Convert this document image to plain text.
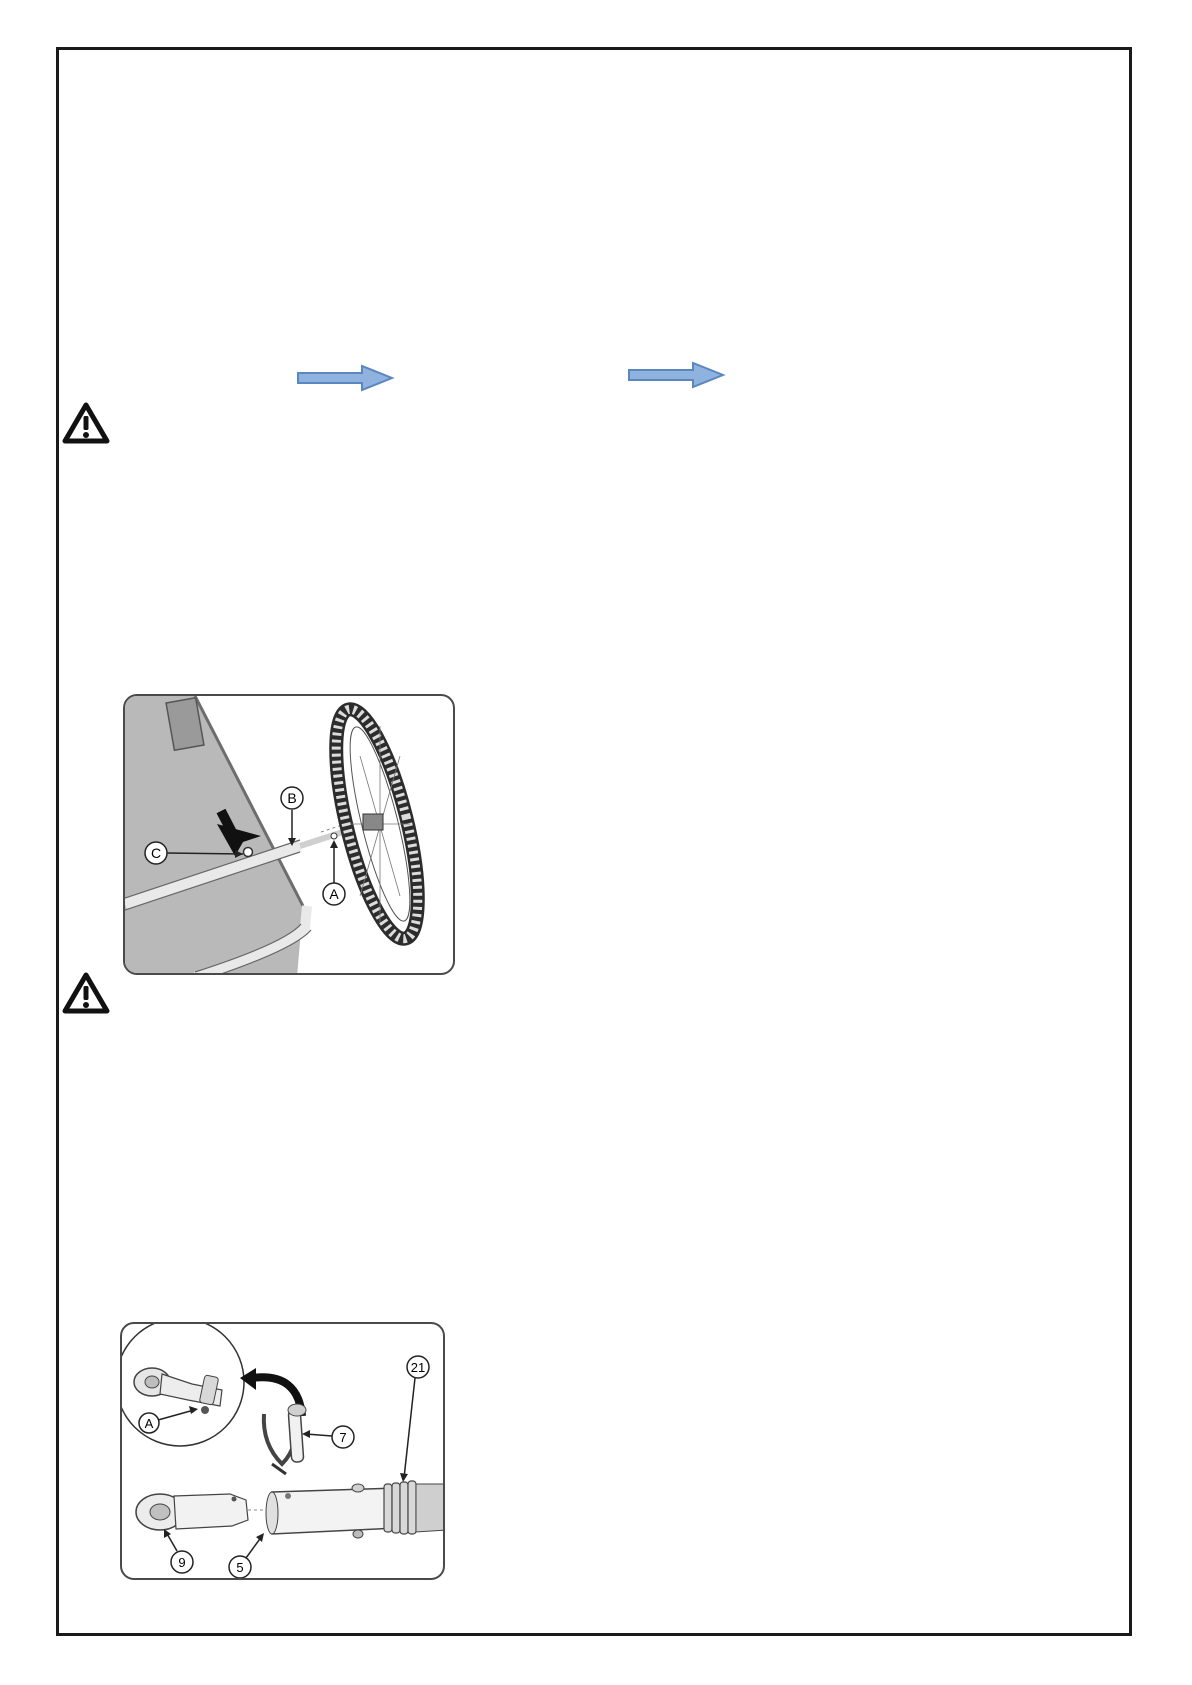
C
B
A
A
7
21
9	5
